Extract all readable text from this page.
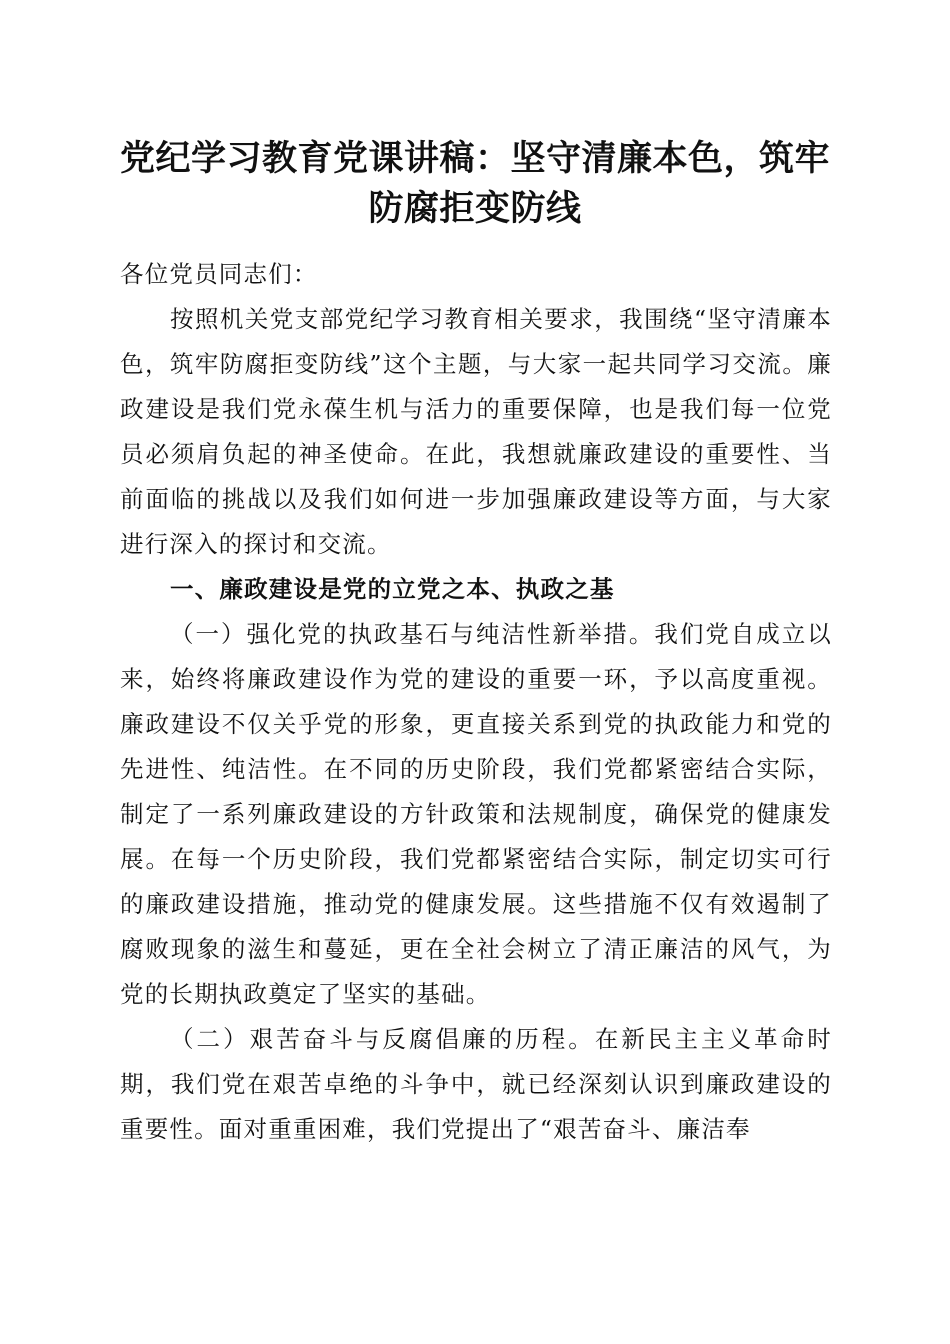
党纪学习教育党课讲稿：坚守清廉本色，筑牢
防腐拒变防线

各位党员同志们：

按照机关党支部党纪学习教育相关要求，我围绕“坚守清廉本色，筑牢防腐拒变防线”这个主题，与大家一起共同学习交流。廉政建设是我们党永葆生机与活力的重要保障，也是我们每一位党员必须肩负起的神圣使命。在此，我想就廉政建设的重要性、当前面临的挑战以及我们如何进一步加强廉政建设等方面，与大家进行深入的探讨和交流。

一、廉政建设是党的立党之本、执政之基

（一）强化党的执政基石与纯洁性新举措。我们党自成立以来，始终将廉政建设作为党的建设的重要一环，予以高度重视。廉政建设不仅关乎党的形象，更直接关系到党的执政能力和党的先进性、纯洁性。在不同的历史阶段，我们党都紧密结合实际，制定了一系列廉政建设的方针政策和法规制度，确保党的健康发展。在每一个历史阶段，我们党都紧密结合实际，制定切实可行的廉政建设措施，推动党的健康发展。这些措施不仅有效遏制了腐败现象的滋生和蔓延，更在全社会树立了清正廉洁的风气，为党的长期执政奠定了坚实的基础。

（二）艰苦奋斗与反腐倡廉的历程。在新民主主义革命时期，我们党在艰苦卓绝的斗争中，就已经深刻认识到廉政建设的重要性。面对重重困难，我们党提出了“艰苦奋斗、廉洁奉
